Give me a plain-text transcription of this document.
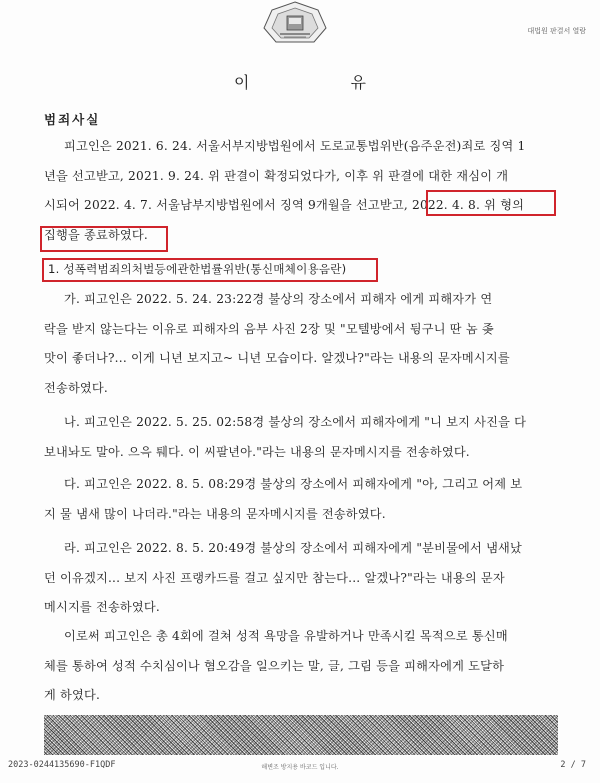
대법원 판결서 열람
이 유
범죄사실
피고인은 2021. 6. 24. 서울서부지방법원에서 도로교통법위반(음주운전)죄로 징역 1
년을 선고받고, 2021. 9. 24. 위 판결이 확정되었다가, 이후 위 판결에 대한 재심이 개
시되어 2022. 4. 7. 서울남부지방법원에서 징역 9개월을 선고받고, 2022. 4. 8. 위 형의
집행을 종료하였다.
1. 성폭력범죄의처벌등에관한법률위반(통신매체이용음란)
가. 피고인은 2022. 5. 24. 23:22경 불상의 장소에서 피해자 에게 피해자가 연
락을 받지 않는다는 이유로 피해자의 음부 사진 2장 및 "모텔방에서 뒹구니 딴 놈 좆
맛이 좋더나?... 이게 니년 보지고~ 니년 모습이다. 알겠나?"라는 내용의 문자메시지를
전송하였다.
나. 피고인은 2022. 5. 25. 02:58경 불상의 장소에서 피해자에게 "니 보지 사진을 다
보내놔도 말아. 으윽 퉤다. 이 씨팔년아."라는 내용의 문자메시지를 전송하였다.
다. 피고인은 2022. 8. 5. 08:29경 불상의 장소에서 피해자에게 "아, 그리고 어제 보
지 물 냄새 많이 나더라."라는 내용의 문자메시지를 전송하였다.
라. 피고인은 2022. 8. 5. 20:49경 불상의 장소에서 피해자에게 "분비물에서 냄새났
던 이유겠지... 보지 사진 프랭카드를 걸고 싶지만 참는다... 알겠나?"라는 내용의 문자
메시지를 전송하였다.
이로써 피고인은 총 4회에 걸쳐 성적 욕망을 유발하거나 만족시킬 목적으로 통신매
체를 통하여 성적 수치심이나 혐오감을 일으키는 말, 글, 그림 등을 피해자에게 도달하
게 하였다.
2023-0244135690-F1QDF	해변조 방지용 바코드 입니다.	2 / 7
